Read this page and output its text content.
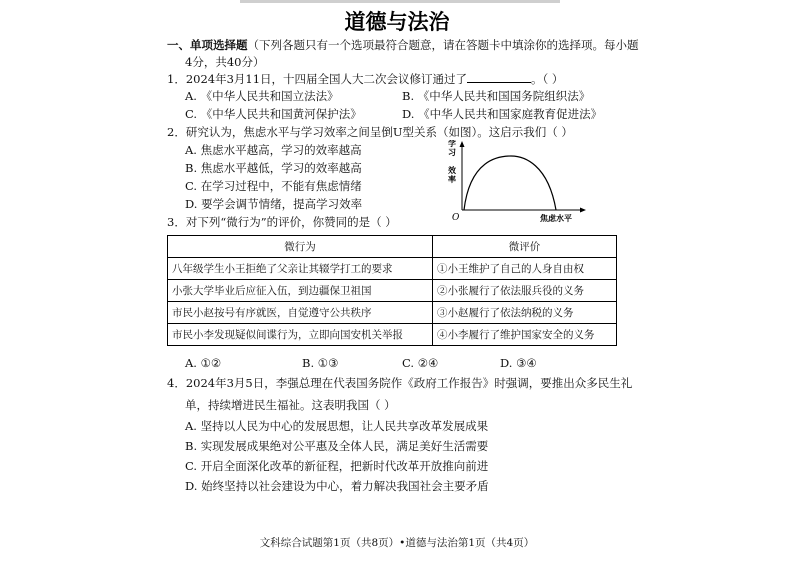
道德与法治
一、单项选择题（下列各题只有一个选项最符合题意，请在答题卡中填涂你的选择项。每小题
4分，共40分）
1．2024年3月11日，十四届全国人大二次会议修订通过了	。（ ）
A. 《中华人民共和国立法法》	B. 《中华人民共和国国务院组织法》
C. 《中华人民共和国黄河保护法》	D. 《中华人民共和国家庭教育促进法》
2．研究认为，焦虑水平与学习效率之间呈倒U型关系（如图）。这启示我们（ ）
A. 焦虑水平越高，学习的效率越高
B. 焦虑水平越低，学习的效率越高
C. 在学习过程中，不能有焦虑情绪
D. 要学会调节情绪，提高学习效率
O
学
习
效
率
焦虑水平
3．对下列“微行为”的评价，你赞同的是（ ）
微行为	微评价
八年级学生小王拒绝了父亲让其辍学打工的要求	①小王维护了自己的人身自由权
小张大学毕业后应征入伍，到边疆保卫祖国	②小张履行了依法服兵役的义务
市民小赵按号有序就医，自觉遵守公共秩序	③小赵履行了依法纳税的义务
市民小李发现疑似间谍行为，立即向国安机关举报	④小李履行了维护国家安全的义务
A. ①②	B. ①③	C. ②④	D. ③④
4．2024年3月5日，李强总理在代表国务院作《政府工作报告》时强调，要推出众多民生礼
单，持续增进民生福祉。这表明我国（ ）
A. 坚持以人民为中心的发展思想，让人民共享改革发展成果
B. 实现发展成果绝对公平惠及全体人民，满足美好生活需要
C. 开启全面深化改革的新征程，把新时代改革开放推向前进
D. 始终坚持以社会建设为中心，着力解决我国社会主要矛盾
文科综合试题第1页（共8页）•道德与法治第1页（共4页）
